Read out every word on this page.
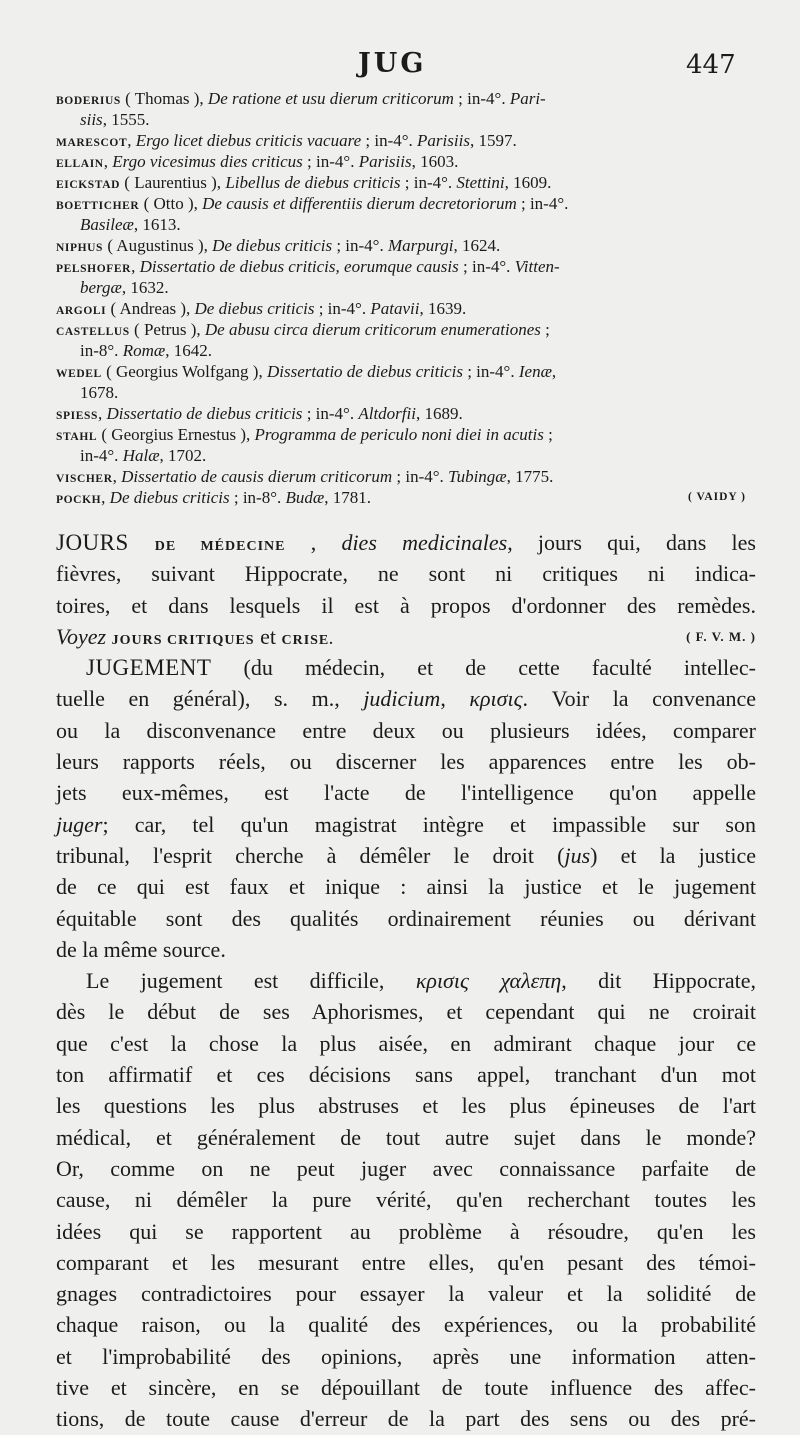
JUG	447
BODERIUS ( Thomas ), De ratione et usu dierum criticorum ; in-4°. Pari-
siis, 1555.
MARESCOT, Ergo licet diebus criticis vacuare ; in-4°. Parisiis, 1597.
ELLAIN, Ergo vicesimus dies criticus ; in-4°. Parisiis, 1603.
EICKSTAD ( Laurentius ), Libellus de diebus criticis ; in-4°. Stettini, 1609.
BOETTICHER ( Otto ), De causis et differentiis dierum decretoriorum ; in-4°.
Basileæ, 1613.
NIPHUS ( Augustinus ), De diebus criticis ; in-4°. Marpurgi, 1624.
PELSHOFER, Dissertatio de diebus criticis, eorumque causis ; in-4°. Vitten-
bergæ, 1632.
ARGOLI ( Andreas ), De diebus criticis ; in-4°. Patavii, 1639.
CASTELLUS ( Petrus ), De abusu circa dierum criticorum enumerationes ;
in-8°. Romæ, 1642.
WEDEL ( Georgius Wolfgang ), Dissertatio de diebus criticis ; in-4°. Ienæ,
1678.
SPIESS, Dissertatio de diebus criticis ; in-4°. Altdorfii, 1689.
STAHL ( Georgius Ernestus ), Programma de periculo noni diei in acutis ;
in-4°. Halæ, 1702.
VISCHER, Dissertatio de causis dierum criticorum ; in-4°. Tubingæ, 1775.
POCKH, De diebus criticis ; in-8°. Budæ, 1781.	( VAIDY )
JOURS DE MÉDECINE , dies medicinales, jours qui, dans les
fièvres, suivant Hippocrate, ne sont ni critiques ni indica-
toires, et dans lesquels il est à propos d'ordonner des remèdes.
Voyez JOURS CRITIQUES et CRISE.	( F. V. M. )
JUGEMENT (du médecin, et de cette faculté intellec-
tuelle en général), s. m., judicium, κρισις. Voir la convenance
ou la disconvenance entre deux ou plusieurs idées, comparer
leurs rapports réels, ou discerner les apparences entre les ob-
jets eux-mêmes, est l'acte de l'intelligence qu'on appelle
juger; car, tel qu'un magistrat intègre et impassible sur son
tribunal, l'esprit cherche à démêler le droit (jus) et la justice
de ce qui est faux et inique : ainsi la justice et le jugement
équitable sont des qualités ordinairement réunies ou dérivant
de la même source.
Le jugement est difficile, κρισις χαλεπη, dit Hippocrate,
dès le début de ses Aphorismes, et cependant qui ne croirait
que c'est la chose la plus aisée, en admirant chaque jour ce
ton affirmatif et ces décisions sans appel, tranchant d'un mot
les questions les plus abstruses et les plus épineuses de l'art
médical, et généralement de tout autre sujet dans le monde?
Or, comme on ne peut juger avec connaissance parfaite de
cause, ni démêler la pure vérité, qu'en recherchant toutes les
idées qui se rapportent au problème à résoudre, qu'en les
comparant et les mesurant entre elles, qu'en pesant des témoi-
gnages contradictoires pour essayer la valeur et la solidité de
chaque raison, ou la qualité des expériences, ou la probabilité
et l'improbabilité des opinions, après une information atten-
tive et sincère, en se dépouillant de toute influence des affec-
tions, de toute cause d'erreur de la part des sens ou des pré-
